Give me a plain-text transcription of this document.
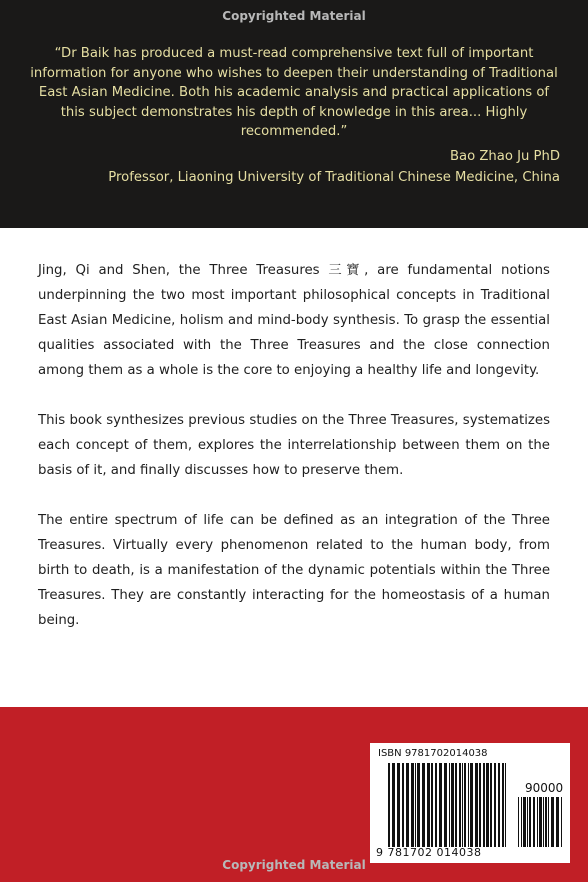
Copyrighted Material
“Dr Baik has produced a must-read comprehensive text full of important information for anyone who wishes to deepen their understanding of Traditional East Asian Medicine. Both his academic analysis and practical applications of this subject demonstrates his depth of knowledge in this area... Highly recommended.”
Bao Zhao Ju PhD
Professor, Liaoning University of Traditional Chinese Medicine, China

Jing, Qi and Shen, the Three Treasures 三寶, are fundamental notions underpinning the two most important philosophical concepts in Traditional East Asian Medicine, holism and mind-body synthesis. To grasp the essential qualities associated with the Three Treasures and the close connection among them as a whole is the core to enjoying a healthy life and longevity.

This book synthesizes previous studies on the Three Treasures, systematizes each concept of them, explores the interrelationship between them on the basis of it, and finally discusses how to preserve them.

The entire spectrum of life can be defined as an integration of the Three Treasures. Virtually every phenomenon related to the human body, from birth to death, is a manifestation of the dynamic potentials within the Three Treasures. They are constantly interacting for the homeostasis of a human being.

Copyrighted Material
ISBN 9781702014038
90000
9 781702 014038
